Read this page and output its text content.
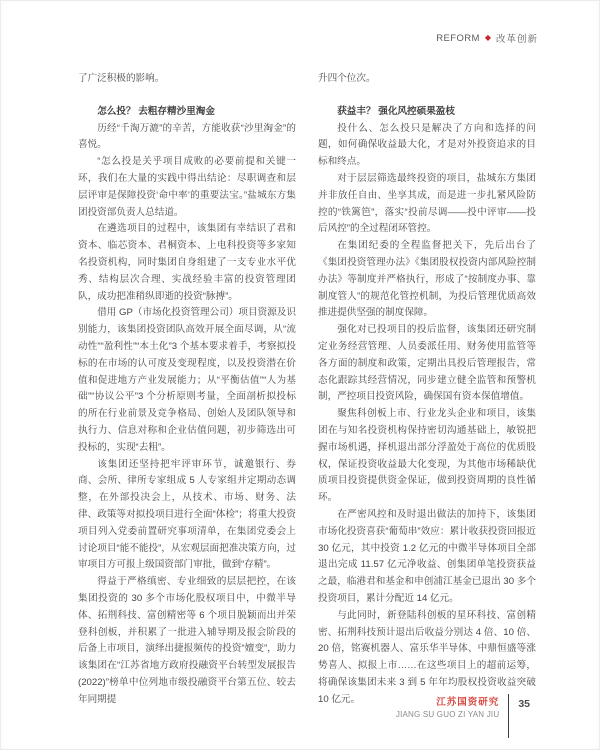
REFORM ◆ 改革创新

了广泛积极的影响。

怎么投？ 去粗存精沙里淘金

历经“千淘万漉”的辛苦，方能收获“沙里淘金”的喜悦。

“怎么投是关乎项目成败的必要前提和关键一环，我们在大量的实践中得出结论：尽职调查和层层评审是保障投资‘命中率’的重要法宝。”盐城东方集团投资部负责人总结道。

在遴选项目的过程中，该集团有幸结识了君和资本、临芯资本、君桐资本、上电科投资等多家知名投资机构，同时集团自身组建了一支专业水平优秀、结构层次合理、实战经验丰富的投资管理团队，成功把准稍纵即逝的投资“脉搏”。

借用 GP（市场化投资管理公司）项目资源及识别能力，该集团投资团队高效开展全面尽调，从“流动性”“盈利性”“本土化”3 个基本要求着手，考察拟投标的在市场的认可度及变现程度，以及投资潜在价值和促进地方产业发展能力；从“平衡估值”“人为基础”“协议公平”3 个分析原则考量，全面剖析拟投标的所在行业前景及竞争格局、创始人及团队领导和执行力、信息对称和企业估值问题，初步筛选出可投标的，实现“去粗”。

该集团还坚持把牢评审环节，诚邀银行、券商、会所、律所专家组成 5 人专家组并定期动态调整，在外部投决会上，从技术、市场、财务、法律、政策等对拟投项目进行全面“体检”；将重大投资项目列入党委前置研究事项清单，在集团党委会上讨论项目“能不能投”，从宏观层面把准决策方向，过审项目方可报上级国资部门审批，做到“存精”。

得益于严格缜密、专业细致的层层把控，在该集团投资的 30 多个市场化股权项目中，中微半导体、拓荆科技、富创精密等 6 个项目脱颖而出并荣登科创板，并积累了一批进入辅导期及报会阶段的后备上市项目，演绎出捷报频传的投资“嬗变”，助力该集团在“江苏省地方政府投融资平台转型发展报告(2022)”榜单中位列地市级投融资平台第五位、较去年同期提

升四个位次。

获益丰？ 强化风控硕果盈枝

投什么、怎么投只是解决了方向和选择的问题，如何确保收益最大化，才是对外投资追求的目标和终点。

对于层层筛选最终投资的项目，盐城东方集团并非放任自由、坐享其成，而是进一步扎紧风险防控的“铁篱笆”，落实“投前尽调——投中评审——投后风控”的全过程闭环管控。

在集团纪委的全程监督把关下，先后出台了《集团投资管理办法》《集团股权投资内部风险控制办法》等制度并严格执行，形成了“按制度办事、靠制度管人”的规范化管控机制，为投后管理优质高效推进提供坚强的制度保障。

强化对已投项目的投后监督，该集团还研究制定业务经营管理、人员委派任用、财务使用监管等各方面的制度和政策，定期出具投后管理报告，常态化跟踪其经营情况，同步建立健全监管和预警机制，严控项目投资风险，确保国有资本保值增值。

聚焦科创板上市、行业龙头企业和项目，该集团在与知名投资机构保持密切沟通基础上，敏锐把握市场机遇，择机退出部分浮盈处于高位的优质股权，保证投资收益最大化变现，为其他市场稀缺优质项目投资提供资金保证，做到投资周期的良性循环。

在严密风控和及时退出做法的加持下，该集团市场化投资喜获“葡萄串”效应：累计收获投资回报近 30 亿元，其中投资 1.2 亿元的中微半导体项目全部退出完成 11.57 亿元净收益、创集团单笔投资获益之最，临港君和基金和申创浦江基金已退出 30 多个投资项目，累计分配近 14 亿元。

与此同时，新登陆科创板的星环科技、富创精密、拓荆科技预计退出后收益分别达 4 倍、10 倍、20 倍，铭赛机器人、富乐华半导体、中鼎恒盛等涨势喜人、拟报上市……在这些项目上的超前运筹，将确保该集团未来 3 到 5 年年均股权投资收益突破 10 亿元。	江苏国资研究
JIANG SU GUO ZI YAN JIU
35
